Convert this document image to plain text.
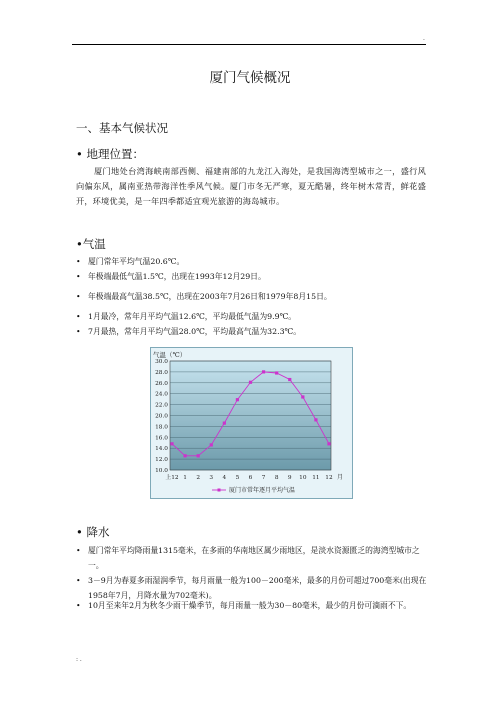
.
厦门气候概况
一、基本气候状况
• 地理位置：
厦门地处台湾海峡南部西侧、福建南部的九龙江入海处，是我国海湾型城市之一，盛行风向偏东风，属南亚热带海洋性季风气候。厦门市冬无严寒，夏无酷暑，终年树木常青，鲜花盛开，环境优美，是一年四季都适宜观光旅游的海岛城市。
•气温
• 厦门常年平均气温20.6℃。
• 年极端最低气温1.5℃，出现在1993年12月29日。
• 年极端最高气温38.5℃，出现在2003年7月26日和1979年8月15日。
• 1月最冷，常年月平均气温12.6℃，平均最低气温为9.9℃。
• 7月最热，常年月平均气温28.0℃，平均最高气温为32.3℃。
气温（℃）
10.0
12.0
14.0
16.0
18.0
20.0
22.0
24.0
26.0
28.0
30.0
上12 1 2 3 4 5 6 7 8 9 10 11 12 月
厦门市常年逐月平均气温
• 降水
• 厦门常年平均降雨量1315毫米，在多雨的华南地区属少雨地区，是淡水资源匮乏的海湾型城市之一。
• 3－9月为春夏多雨湿润季节，每月雨量一般为100－200毫米，最多的月份可超过700毫米(出现在1958年7月，月降水量为702毫米)。
• 10月至来年2月为秋冬少雨干燥季节，每月雨量一般为30－80毫米，最少的月份可滴雨不下。
: .
